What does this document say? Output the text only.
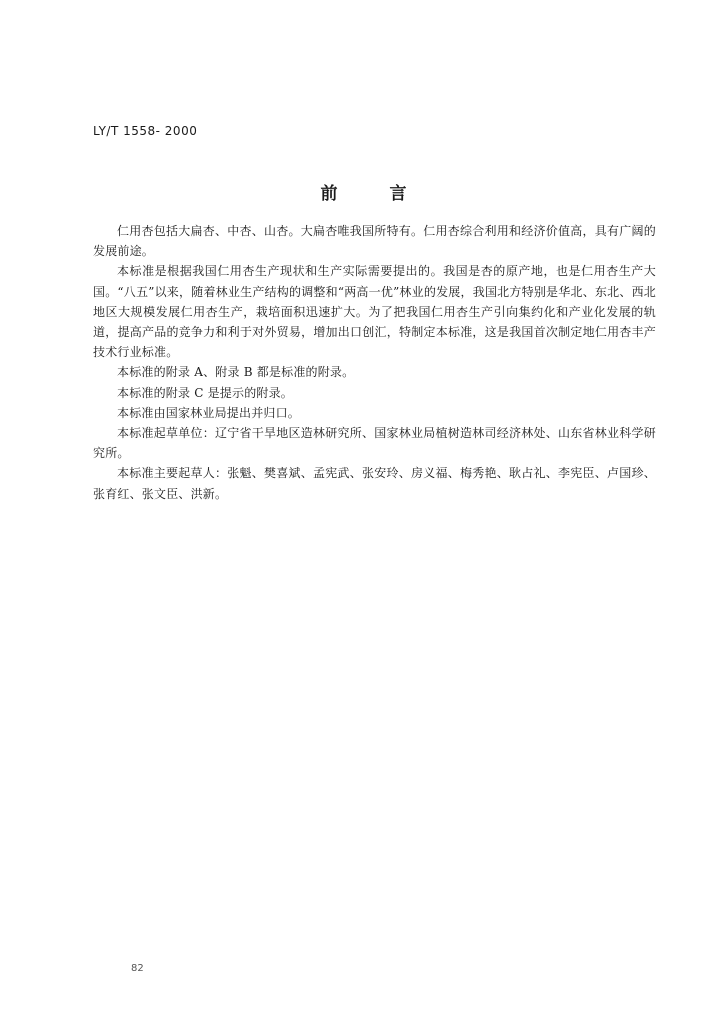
LY/T 1558- 2000
前	言

仁用杏包括大扁杏、中杏、山杏。大扁杏唯我国所特有。仁用杏综合利用和经济价值高，具有广阔的发展前途。

本标准是根据我国仁用杏生产现状和生产实际需要提出的。我国是杏的原产地，也是仁用杏生产大国。“八五”以来，随着林业生产结构的调整和“两高一优”林业的发展，我国北方特别是华北、东北、西北地区大规模发展仁用杏生产，栽培面积迅速扩大。为了把我国仁用杏生产引向集约化和产业化发展的轨道，提高产品的竞争力和利于对外贸易，增加出口创汇，特制定本标准，这是我国首次制定地仁用杏丰产技术行业标准。

本标准的附录 A、附录 B 都是标准的附录。

本标准的附录 C 是提示的附录。

本标准由国家林业局提出并归口。

本标准起草单位：辽宁省干旱地区造林研究所、国家林业局植树造林司经济林处、山东省林业科学研究所。

本标准主要起草人：张魁、樊喜斌、孟宪武、张安玲、房义福、梅秀艳、耿占礼、李宪臣、卢国珍、张育红、张文臣、洪新。

82
